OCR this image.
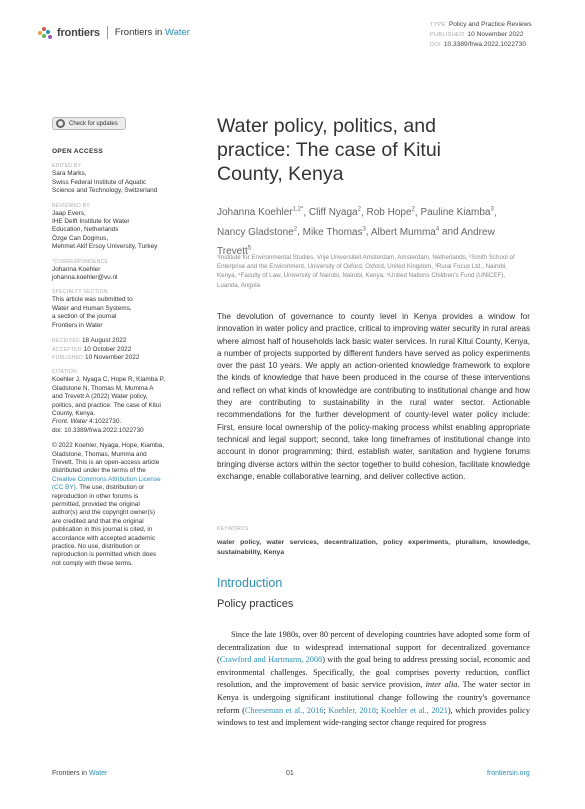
frontiers Frontiers in Water
TYPE Policy and Practice Reviews
PUBLISHED 10 November 2022
DOI 10.3389/frwa.2022.1022730
Check for updates
OPEN ACCESS
EDITED BY
Sara Marks,
Swiss Federal Institute of Aquatic
Science and Technology, Switzerland
REVIEWED BY
Jaap Evers,
IHE Delft Institute for Water
Education, Netherlands
Özge Can Dogmus,
Mehmet Akif Ersoy University, Turkey
*CORRESPONDENCE
Johanna Koehler
johanna.koehler@vu.nl
SPECIALTY SECTION
This article was submitted to
Water and Human Systems,
a section of the journal
Frontiers in Water
RECEIVED 18 August 2022
ACCEPTED 10 October 2022
PUBLISHED 10 November 2022
CITATION
Koehler J, Nyaga C, Hope R, Kiamba P,
Gladstone N, Thomas M, Mumma A
and Trevett A (2022) Water policy,
politics, and practice: The case of Kitui
County, Kenya.
Front. Water 4:1022730.
doi: 10.3389/frwa.2022.1022730
© 2022 Koehler, Nyaga, Hope, Kiamba,
Gladstone, Thomas, Mumma and
Trevett. This is an open-access article
distributed under the terms of the
Creative Commons Attribution License
(CC BY). The use, distribution or
reproduction in other forums is
permitted, provided the original
author(s) and the copyright owner(s)
are credited and that the original
publication in this journal is cited, in
accordance with accepted academic
practice. No use, distribution or
reproduction is permitted which does
not comply with these terms.
Water policy, politics, and
practice: The case of Kitui
County, Kenya
Johanna Koehler$^{1,2*}$, Cliff Nyaga$^2$, Rob Hope$^2$, Pauline Kiamba$^3$, Nancy Gladstone$^2$, Mike Thomas$^3$, Albert Mumma$^4$ and Andrew Trevett$^5$
¹Institute for Environmental Studies, Vrije Universiteit Amsterdam, Amsterdam, Netherlands, ²Smith School of Enterprise and the Environment, University of Oxford, Oxford, United Kingdom, ³Rural Focus Ltd., Nairobi, Kenya, ⁴Faculty of Law, University of Nairobi, Nairobi, Kenya, ⁵United Nations Children's Fund (UNICEF), Luanda, Angola
The devolution of governance to county level in Kenya provides a window for innovation in water policy and practice, critical to improving water security in rural areas where almost half of households lack basic water services. In rural Kitui County, Kenya, a number of projects supported by different funders have served as policy experiments over the past 10 years. We apply an action-oriented knowledge framework to explore the kinds of knowledge that have been produced in the course of these interventions and reflect on what kinds of knowledge are contributing to institutional change and how they are contributing to sustainability in the rural water sector. Actionable recommendations for the further development of county-level water policy include: First, ensure local ownership of the policy-making process whilst enabling appropriate technical and legal support; second, take long timeframes of institutional change into account in donor programming; third, establish water, sanitation and hygiene forums bringing diverse actors within the sector together to build cohesion, facilitate knowledge exchange, enable collaborative learning, and deliver collective action.
KEYWORDS
water policy, water services, decentralization, policy experiments, pluralism, knowledge, sustainability, Kenya
Introduction
Policy practices
Since the late 1980s, over 80 percent of developing countries have adopted some form of decentralization due to widespread international support for decentralized governance (Crawford and Hartmann, 2008) with the goal being to address pressing social, economic and environmental challenges. Specifically, the goal comprises poverty reduction, conflict resolution, and the improvement of basic service provision, inter alia. The water sector in Kenya is undergoing significant institutional change following the country's governance reform (Cheeseman et al., 2016; Koehler, 2018; Koehler et al., 2021), which provides policy windows to test and implement wide-ranging sector change required for progress
Frontiers in Water	01	frontiersin.org
